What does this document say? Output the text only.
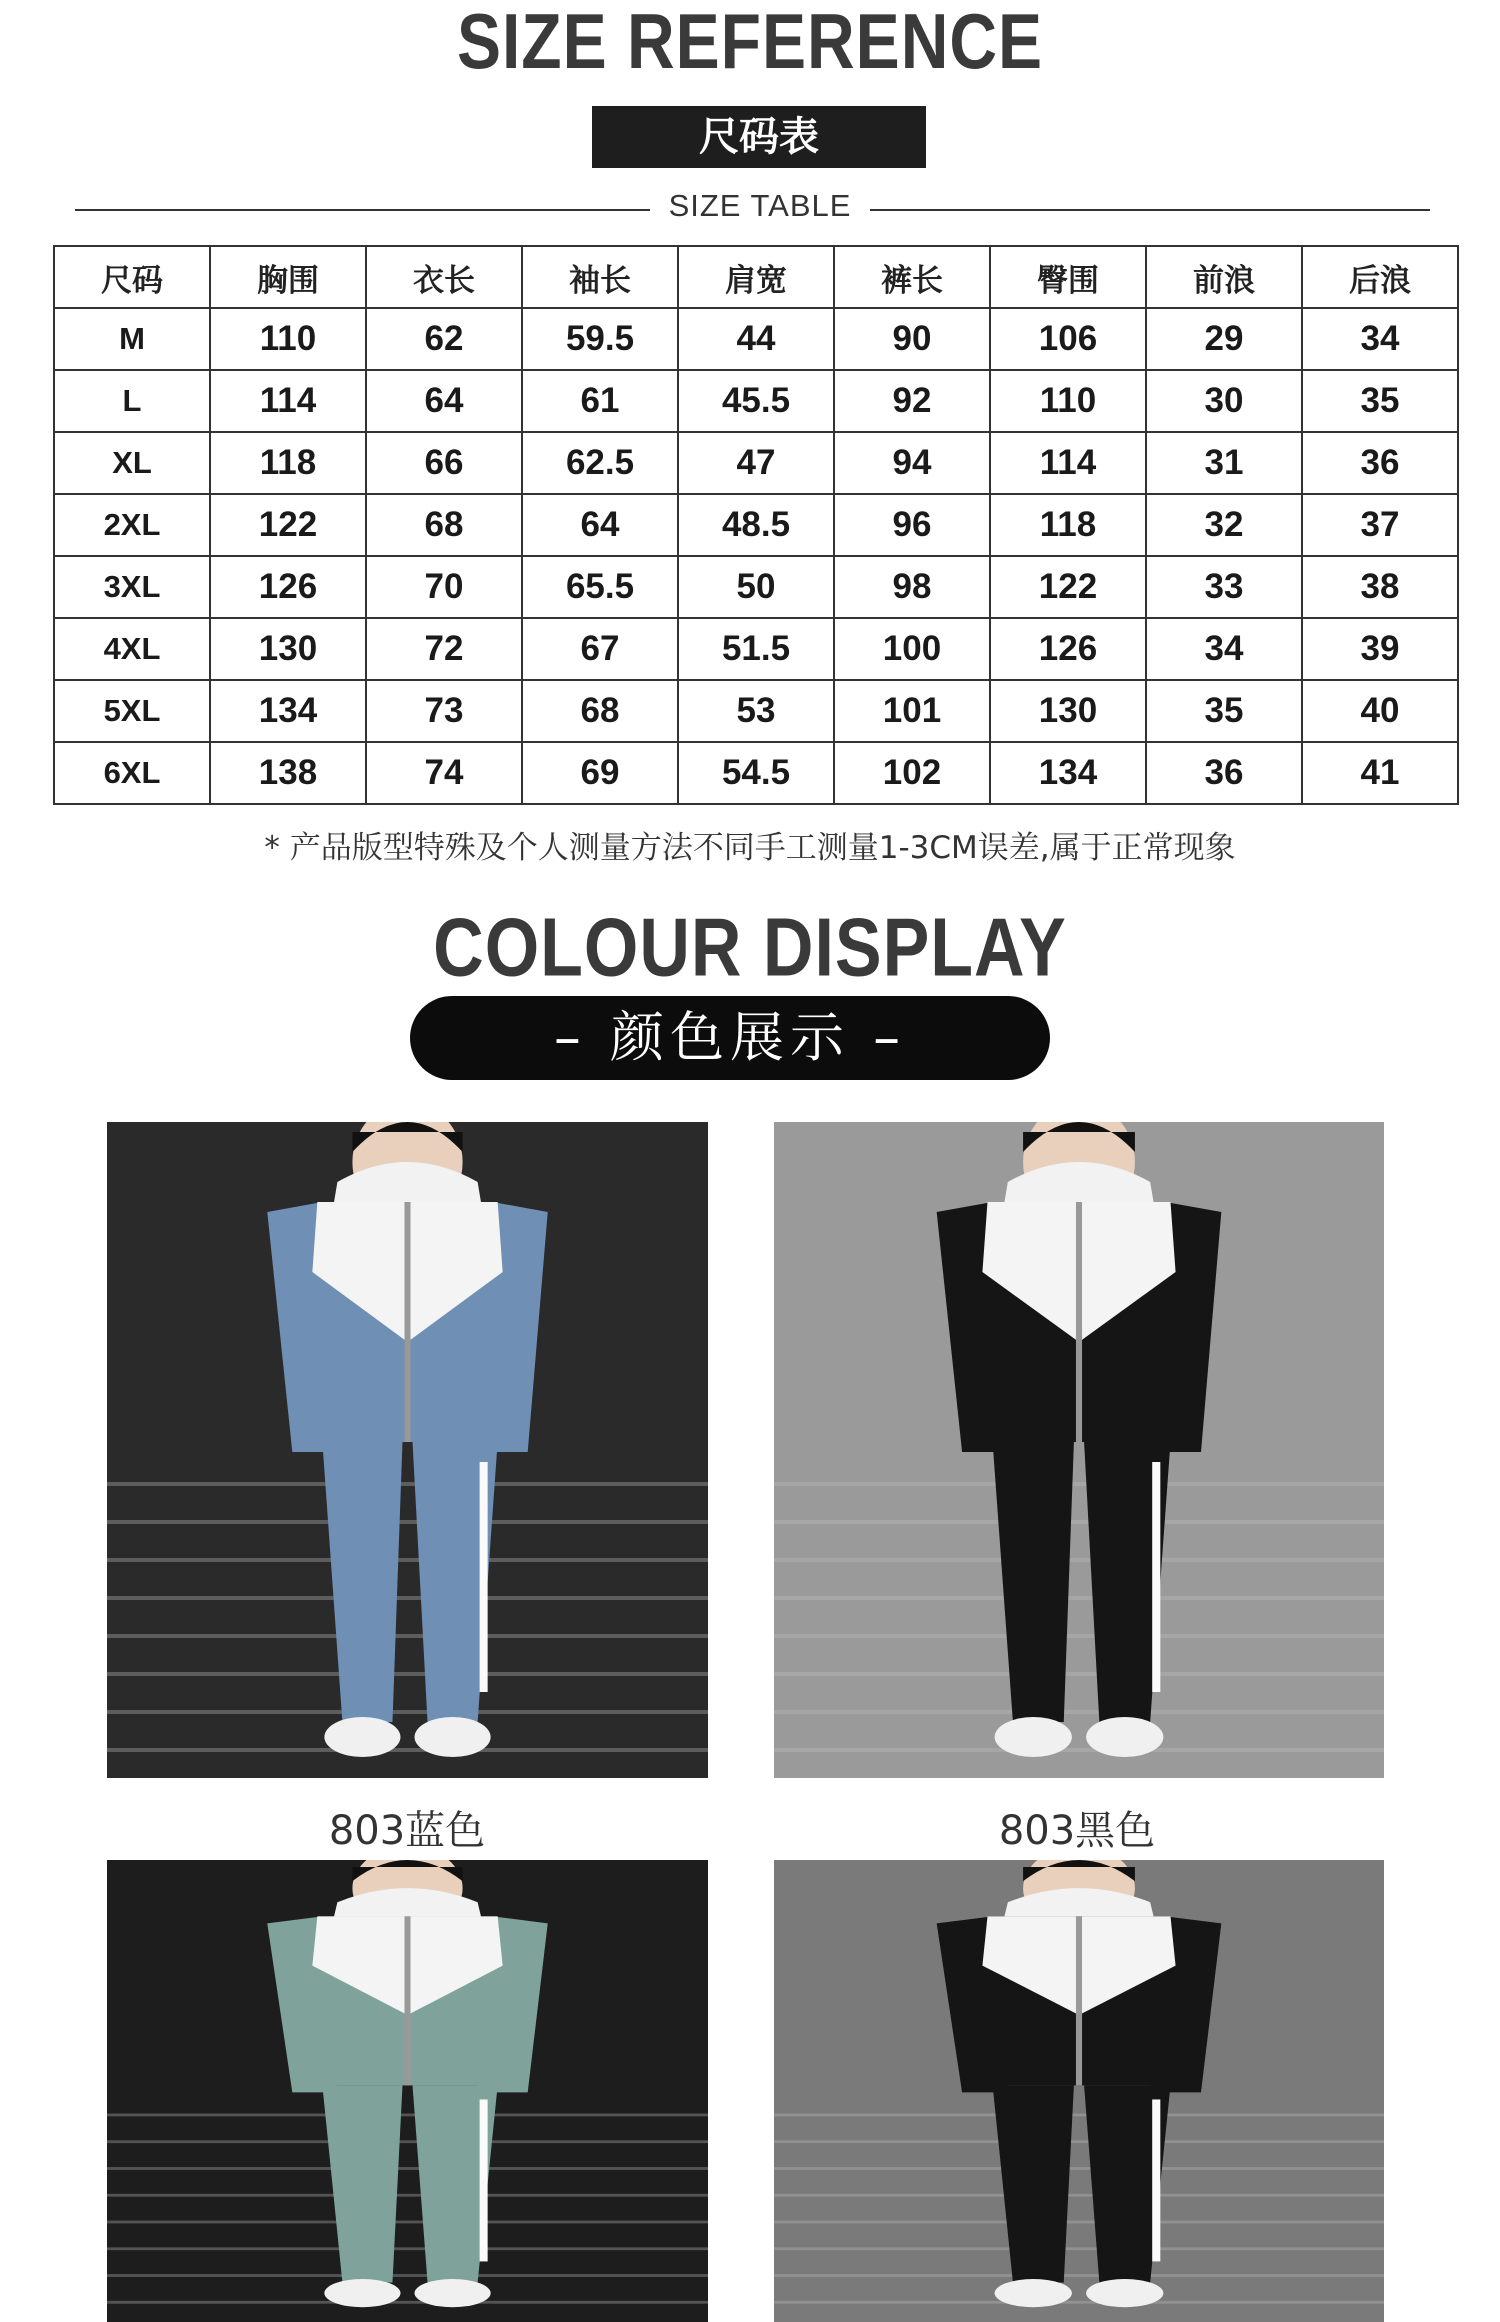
SIZE REFERENCE
尺码表
SIZE TABLE
尺码	胸围	衣长	袖长	肩宽	裤长	臀围	前浪	后浪
M	110	62	59.5	44	90	106	29	34
L	114	64	61	45.5	92	110	30	35
XL	118	66	62.5	47	94	114	31	36
2XL	122	68	64	48.5	96	118	32	37
3XL	126	70	65.5	50	98	122	33	38
4XL	130	72	67	51.5	100	126	34	39
5XL	134	73	68	53	101	130	35	40
6XL	138	74	69	54.5	102	134	36	41
* 产品版型特殊及个人测量方法不同手工测量1-3CM误差,属于正常现象
COLOUR DISPLAY
– 颜色展示 –
803蓝色	803黑色
